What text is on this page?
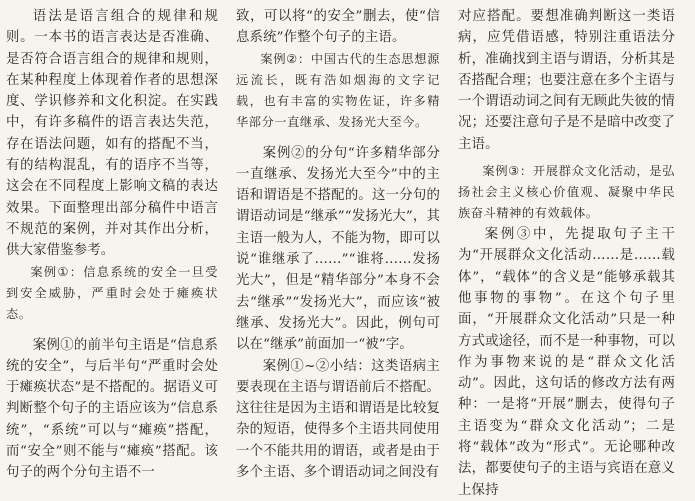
语法是语言组合的规律和规则。一本书的语言表达是否准确、是否符合语言组合的规律和规则，在某种程度上体现着作者的思想深度、学识修养和文化积淀。在实践中，有许多稿件的语言表达失范，存在语法问题，如有的搭配不当，有的结构混乱，有的语序不当等，这会在不同程度上影响文稿的表达效果。下面整理出部分稿件中语言不规范的案例，并对其作出分析，供大家借鉴参考。

案例①：信息系统的安全一旦受到安全威胁，严重时会处于瘫痪状态。

案例①的前半句主语是“信息系统的安全”，与后半句“严重时会处于瘫痪状态”是不搭配的。据语义可判断整个句子的主语应该为“信息系统”，“系统”可以与“瘫痪”搭配，而“安全”则不能与“瘫痪”搭配。该句子的两个分句主语不一

致，可以将“的安全”删去，使“信息系统”作整个句子的主语。

案例②：中国古代的生态思想源远流长，既有浩如烟海的文字记载，也有丰富的实物佐证，许多精华部分一直继承、发扬光大至今。

案例②的分句“许多精华部分一直继承、发扬光大至今”中的主语和谓语是不搭配的。这一分句的谓语动词是“继承”“发扬光大”，其主语一般为人，不能为物，即可以说“谁继承了……”“谁将……发扬光大”，但是“精华部分”本身不会去“继承”“发扬光大”，而应该“被继承、发扬光大”。因此，例句可以在“继承”前面加一“被”字。

案例①~②小结：这类语病主要表现在主语与谓语前后不搭配。这往往是因为主语和谓语是比较复杂的短语，使得多个主语共同使用一个不能共用的谓语，或者是由于多个主语、多个谓语动词之间没有

对应搭配。要想准确判断这一类语病，应凭借语感，特别注重语法分析，准确找到主语与谓语，分析其是否搭配合理；也要注意在多个主语与一个谓语动词之间有无顾此失彼的情况；还要注意句子是不是暗中改变了主语。

案例③：开展群众文化活动，是弘扬社会主义核心价值观、凝聚中华民族奋斗精神的有效载体。

案例③中，先提取句子主干为“开展群众文化活动……是……载体”，“载体”的含义是“能够承载其他事物的事物”。在这个句子里面，“开展群众文化活动”只是一种方式或途径，而不是一种事物，可以作为事物来说的是“群众文化活动”。因此，这句话的修改方法有两种：一是将“开展”删去，使得句子主语变为“群众文化活动”；二是将“载体”改为“形式”。无论哪种改法，都要使句子的主语与宾语在意义上保持
